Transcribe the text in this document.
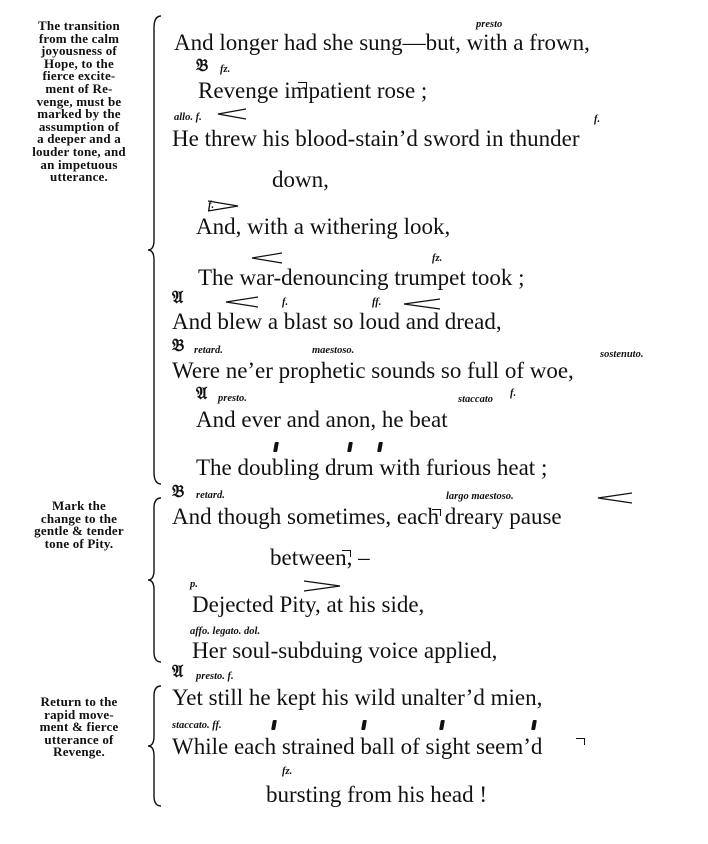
The transition
from the calm
joyousness of
Hope, to the
fierce excite-
ment of Re-
venge, must be
marked by the
assumption of
a deeper and a
louder tone, and
an impetuous
utterance.
Mark the
change to the
gentle & tender
tone of Pity.
Return to the
rapid move-
ment & fierce
utterance of
Revenge.
And longer had she sung—but, with a frown,
Revenge impatient rose ;
He threw his blood-stain’d sword in thunder
down,
And, with a withering look,
The war-denouncing trumpet took ;
And blew a blast so loud and dread,
Were ne’er prophetic sounds so full of woe,
And ever and anon, he beat
The doubling drum with furious heat ;
And though sometimes, each dreary pause
between, –
Dejected Pity, at his side,
Her soul-subduing voice applied,
Yet still he kept his wild unalter’d mien,
While each strained ball of sight seem’d
bursting from his head !
presto
𝔅 fz.
allo. f.	f.
f.
fz.
𝔄	f.	ff.
𝔅 retard.	maestoso.	sostenuto.
𝔄 presto.	staccato
f.
𝔅 retard.	largo maestoso.
p.
affo. legato. dol.
𝔄 presto. f.
staccato. ff.
fz.
